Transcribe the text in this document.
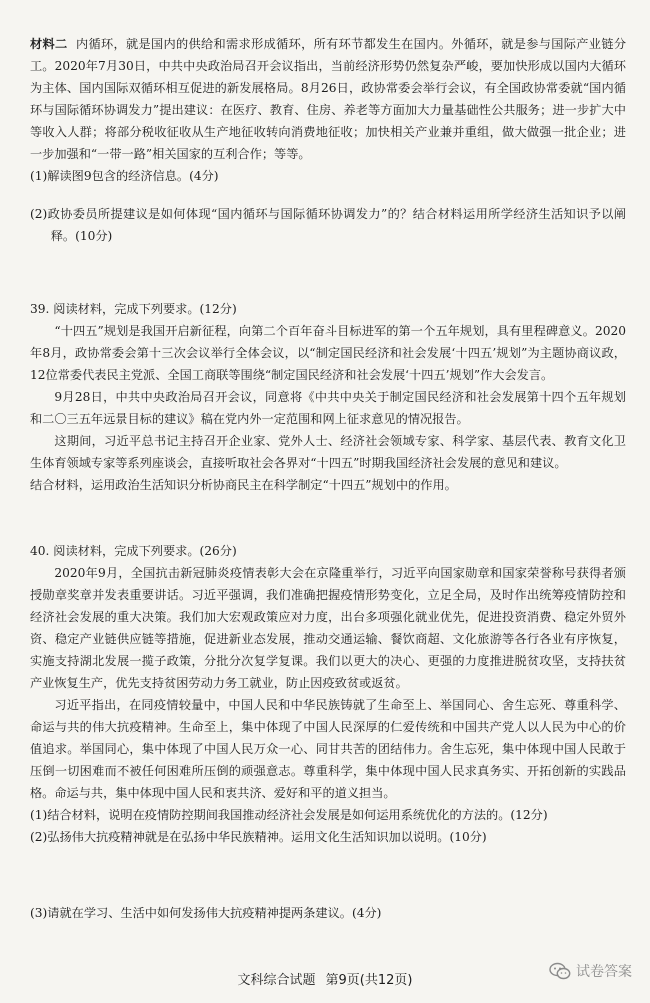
材料二 内循环，就是国内的供给和需求形成循环，所有环节都发生在国内。外循环，就是参与国际产业链分工。2020年7月30日，中共中央政治局召开会议指出，当前经济形势仍然复杂严峻，要加快形成以国内大循环为主体、国内国际双循环相互促进的新发展格局。8月26日，政协常委会举行会议，有全国政协常委就“国内循环与国际循环协调发力”提出建议：在医疗、教育、住房、养老等方面加大力量基础性公共服务；进一步扩大中等收入人群；将部分税收征收从生产地征收转向消费地征收；加快相关产业兼并重组，做大做强一批企业；进一步加强和“一带一路”相关国家的互利合作；等等。

(1)解读图9包含的经济信息。(4分)

(2)政协委员所提建议是如何体现“国内循环与国际循环协调发力”的？结合材料运用所学经济生活知识予以阐释。(10分)

39. 阅读材料，完成下列要求。(12分)

“十四五”规划是我国开启新征程，向第二个百年奋斗目标进军的第一个五年规划，具有里程碑意义。2020年8月，政协常委会第十三次会议举行全体会议，以“制定国民经济和社会发展‘十四五’规划”为主题协商议政，12位常委代表民主党派、全国工商联等围绕“制定国民经济和社会发展‘十四五’规划”作大会发言。

9月28日，中共中央政治局召开会议，同意将《中共中央关于制定国民经济和社会发展第十四个五年规划和二〇三五年远景目标的建议》稿在党内外一定范围和网上征求意见的情况报告。

这期间，习近平总书记主持召开企业家、党外人士、经济社会领域专家、科学家、基层代表、教育文化卫生体育领域专家等系列座谈会，直接听取社会各界对“十四五”时期我国经济社会发展的意见和建议。

结合材料，运用政治生活知识分析协商民主在科学制定“十四五”规划中的作用。

40. 阅读材料，完成下列要求。(26分)

2020年9月，全国抗击新冠肺炎疫情表彰大会在京隆重举行，习近平向国家勋章和国家荣誉称号获得者颁授勋章奖章并发表重要讲话。习近平强调，我们准确把握疫情形势变化，立足全局，及时作出统筹疫情防控和经济社会发展的重大决策。我们加大宏观政策应对力度，出台多项强化就业优先，促进投资消费、稳定外贸外资、稳定产业链供应链等措施，促进新业态发展，推动交通运输、餐饮商超、文化旅游等各行各业有序恢复，实施支持湖北发展一揽子政策，分批分次复学复课。我们以更大的决心、更强的力度推进脱贫攻坚，支持扶贫产业恢复生产，优先支持贫困劳动力务工就业，防止因疫致贫或返贫。

习近平指出，在同疫情较量中，中国人民和中华民族铸就了生命至上、举国同心、舍生忘死、尊重科学、命运与共的伟大抗疫精神。生命至上，集中体现了中国人民深厚的仁爱传统和中国共产党人以人民为中心的价值追求。举国同心，集中体现了中国人民万众一心、同甘共苦的团结伟力。舍生忘死，集中体现中国人民敢于压倒一切困难而不被任何困难所压倒的顽强意志。尊重科学，集中体现中国人民求真务实、开拓创新的实践品格。命运与共，集中体现中国人民和衷共济、爱好和平的道义担当。

(1)结合材料，说明在疫情防控期间我国推动经济社会发展是如何运用系统优化的方法的。(12分)

(2)弘扬伟大抗疫精神就是在弘扬中华民族精神。运用文化生活知识加以说明。(10分)

(3)请就在学习、生活中如何发扬伟大抗疫精神提两条建议。(4分)

文科综合试题 第9页(共12页)
试卷答案
